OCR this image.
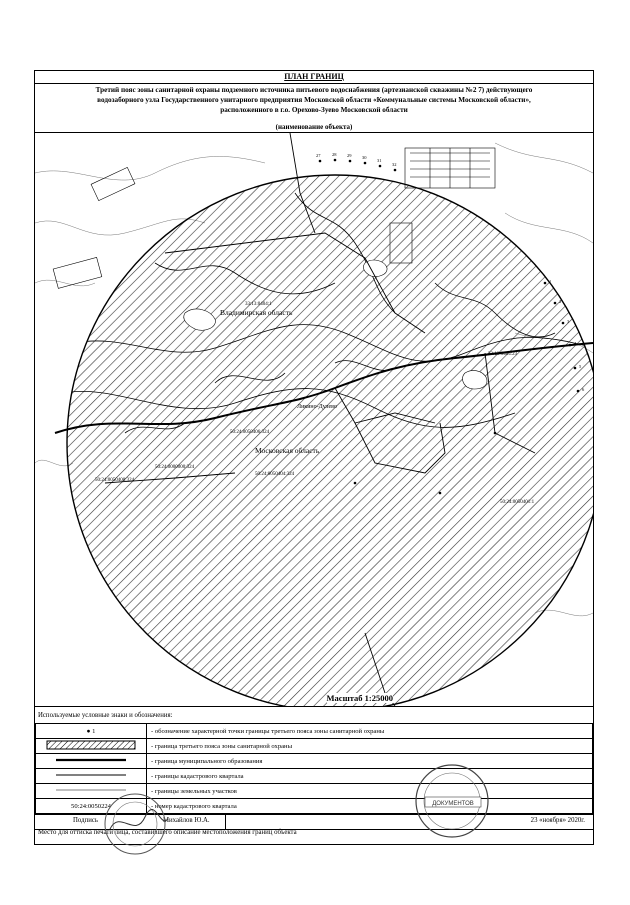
ПЛАН ГРАНИЦ
Третий пояс зоны санитарной охраны подземного источника питьевого водоснабжения (артезианской скважины №2 7) действующего
водозаборного узла Государственного унитарного предприятия Московской области «Коммунальные системы Московской области»,
расположенного в г.о. Орехово-Зуево Московской области
(наименование объекта)
Владимирская область
Московская область
50:24:0050406:324
50:24:0000000:324
50:24:0050404:324
50:24:0050400:324
33:13:0404:23
50:24:0050401:1
33:13:0404:1
Ликино-Дулево
27	28 29 30
31
32
1
2
3
4
5
6
Масштаб 1:25000
Используемые условные знаки и обозначения:
● 1	- обозначение характерной точки границы третьего пояса зоны санитарной охраны
	- граница третьего пояса зоны санитарной охраны
	- граница муниципального образования
	- границы кадастрового квартала
	- границы земельных участков
50:24:0050224	- номер кадастрового квартала
Подпись	Михайлов Ю.А.	23 «ноября» 2020г.
Место для оттиска печати лица, составившего описание местоположения границ объекта
ДОКУМЕНТОВ
